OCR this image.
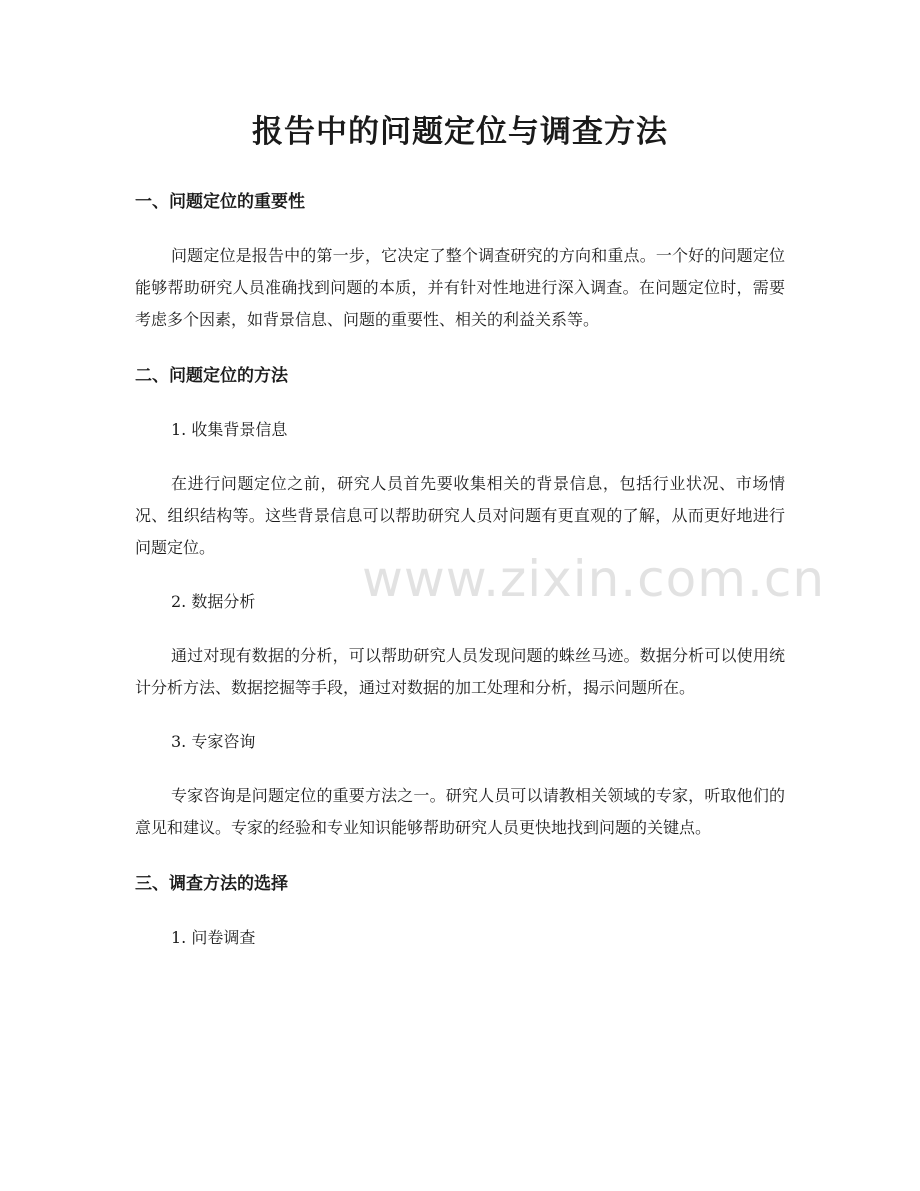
报告中的问题定位与调查方法
一、问题定位的重要性

问题定位是报告中的第一步，它决定了整个调查研究的方向和重点。一个好的问题定位能够帮助研究人员准确找到问题的本质，并有针对性地进行深入调查。在问题定位时，需要考虑多个因素，如背景信息、问题的重要性、相关的利益关系等。

二、问题定位的方法

1. 收集背景信息

在进行问题定位之前，研究人员首先要收集相关的背景信息，包括行业状况、市场情况、组织结构等。这些背景信息可以帮助研究人员对问题有更直观的了解，从而更好地进行问题定位。

2. 数据分析

通过对现有数据的分析，可以帮助研究人员发现问题的蛛丝马迹。数据分析可以使用统计分析方法、数据挖掘等手段，通过对数据的加工处理和分析，揭示问题所在。

3. 专家咨询

专家咨询是问题定位的重要方法之一。研究人员可以请教相关领域的专家，听取他们的意见和建议。专家的经验和专业知识能够帮助研究人员更快地找到问题的关键点。

三、调查方法的选择

1. 问卷调查

www.zixin.com.cn
